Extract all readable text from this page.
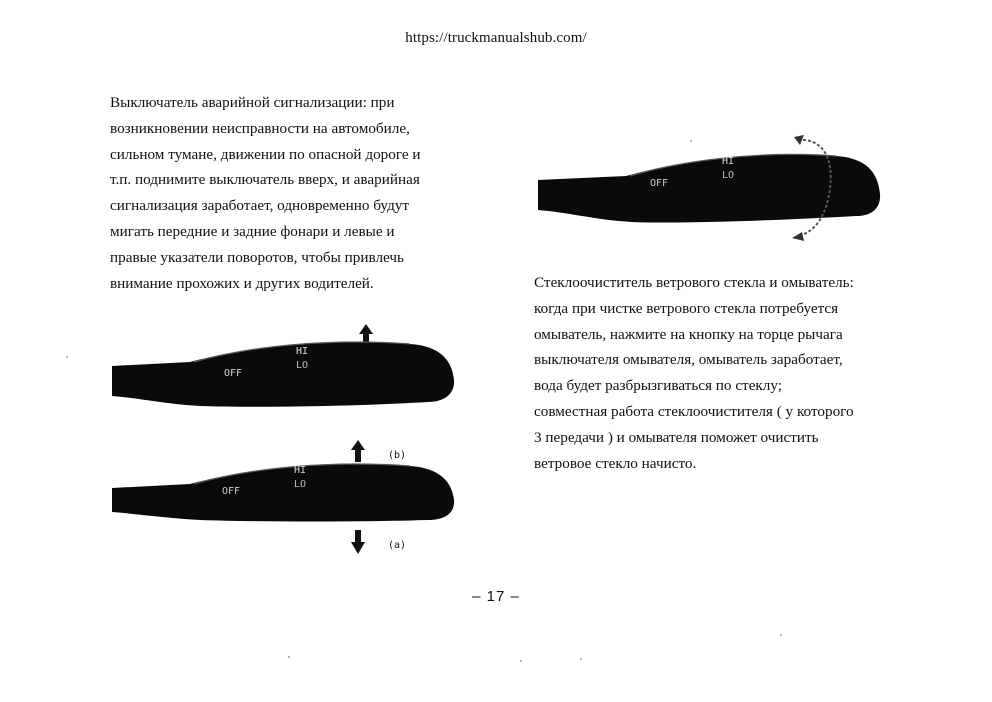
https://truckmanualshub.com/
Выключатель аварийной сигнализации: при
возникновении неисправности на автомобиле,
сильном тумане, движении по опасной дороге и
т.п. поднимите выключатель вверх, и аварийная
сигнализация заработает, одновременно будут
мигать передние и задние фонари и левые и
правые указатели поворотов, чтобы привлечь
внимание прохожих и других водителей.	Стеклоочиститель ветрового стекла и омыватель:
когда при чистке ветрового стекла потребуется
омыватель, нажмите на кнопку на торце рычага
выключателя омывателя, омыватель заработает,
вода будет разбрызгиваться по стеклу;
совместная работа стеклоочистителя ( у которого
3 передачи ) и омывателя поможет очистить
ветровое стекло начисто.
OFF
HI
LO
OFF
HI
LO
(b)
OFF
HI
LO
(a)
– 17 –
